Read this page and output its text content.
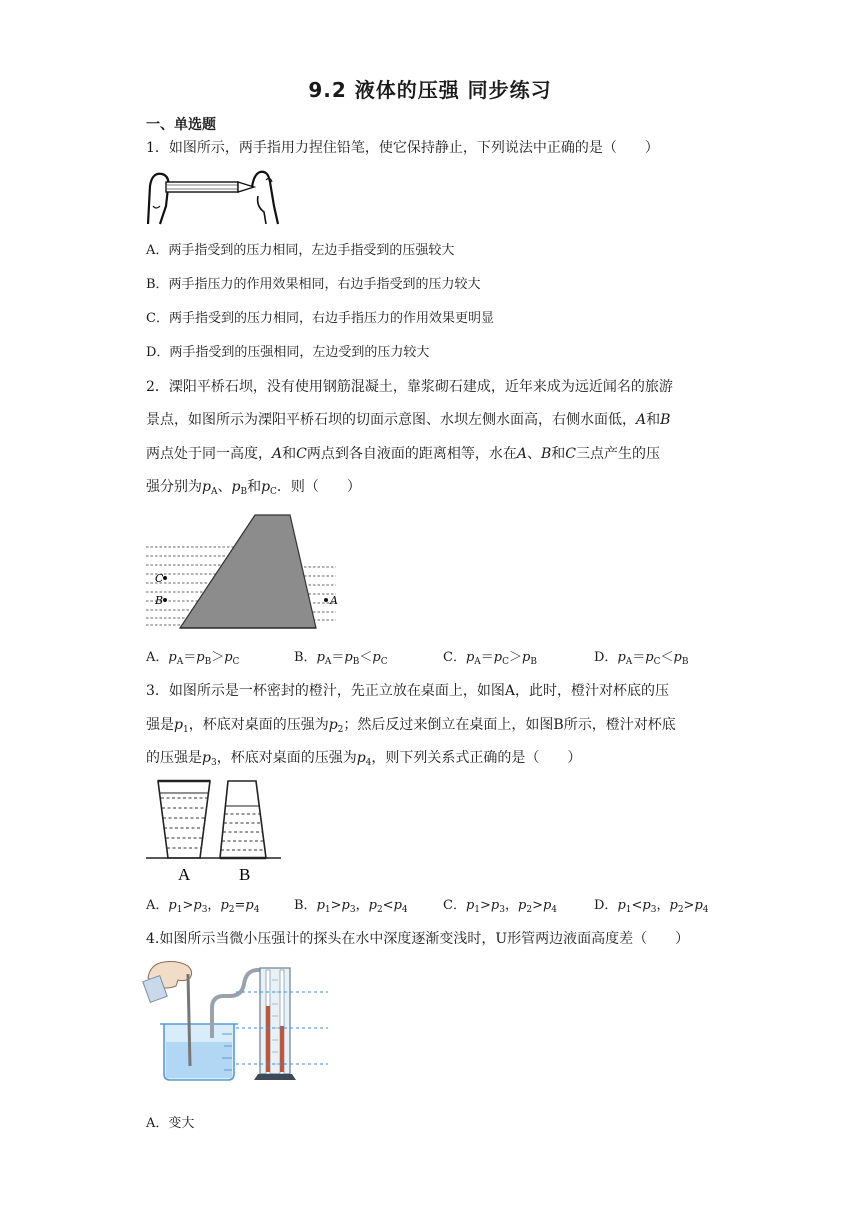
9.2 液体的压强 同步练习
一、单选题
1．如图所示，两手指用力捏住铅笔，使它保持静止，下列说法中正确的是（　　）
A．两手指受到的压力相同，左边手指受到的压强较大
B．两手指压力的作用效果相同，右边手指受到的压力较大
C．两手指受到的压力相同，右边手指压力的作用效果更明显
D．两手指受到的压强相同，左边受到的压力较大
2．溧阳平桥石坝，没有使用钢筋混凝土，靠浆砌石建成，近年来成为远近闻名的旅游
景点，如图所示为溧阳平桥石坝的切面示意图、水坝左侧水面高，右侧水面低，A和B
两点处于同一高度，A和C两点到各自液面的距离相等，水在A、B和C三点产生的压
强分别为$p_A$、$p_B$和$p_C$．则（　　）
C
B	A
A．$p_A=p_B>p_C$	B．$p_A=p_B<p_C$	C．$p_A=p_C>p_B$	D．$p_A=p_C<p_B$
3．如图所示是一杯密封的橙汁，先正立放在桌面上，如图A，此时，橙汁对杯底的压
强是$p_1$，杯底对桌面的压强为$p_2$；然后反过来倒立在桌面上，如图B所示，橙汁对杯底
的压强是$p_3$，杯底对桌面的压强为$p_4$，则下列关系式正确的是（　　）
A	B
A．$p_1>p_3$，$p_2=p_4$	B．$p_1>p_3$，$p_2<p_4$	C．$p_1>p_3$，$p_2>p_4$	D．$p_1<p_3$，$p_2>p_4$
4.如图所示当微小压强计的探头在水中深度逐渐变浅时，U形管两边液面高度差（　　）
A．变大
